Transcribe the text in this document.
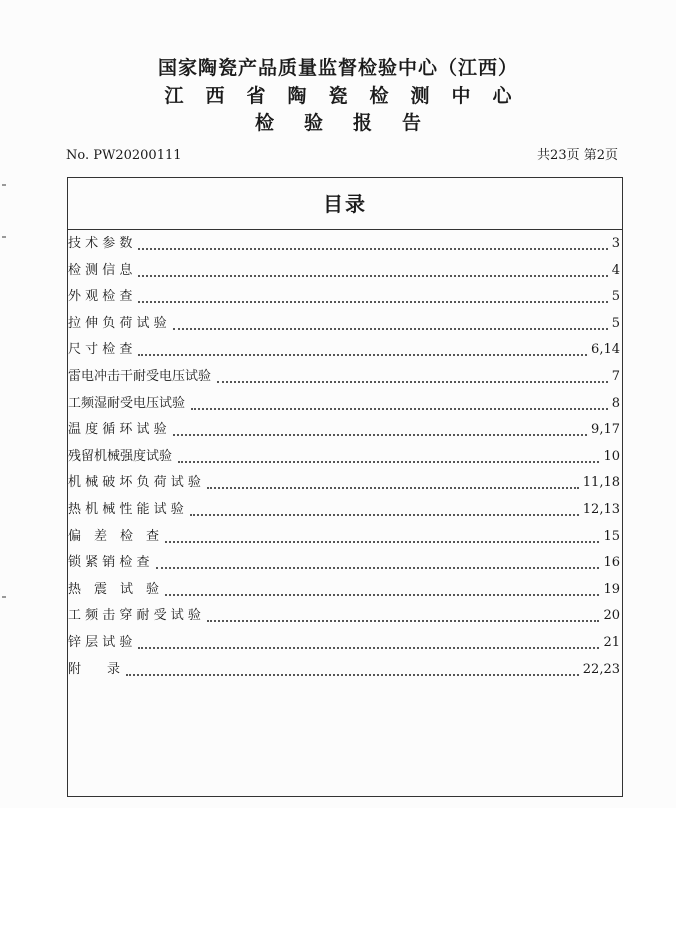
国家陶瓷产品质量监督检验中心（江西）
江西省陶瓷检测中心
检验报告
No. PW20200111	共23页 第2页
目录
技 术 参 数	3
检 测 信 息	4
外 观 检 查	5
拉 伸 负 荷 试 验	5
尺 寸 检 查	6,14
雷电冲击干耐受电压试验	7
工频湿耐受电压试验	8
温 度 循 环 试 验	9,17
残留机械强度试验	10
机 械 破 坏 负 荷 试 验	11,18
热 机 械 性 能 试 验	12,13
偏　差　检　查	15
锁 紧 销 检 查	16
热　震　试　验	19
工 频 击 穿 耐 受 试 验	20
锌 层 试 验	21
附　　录	22,23
